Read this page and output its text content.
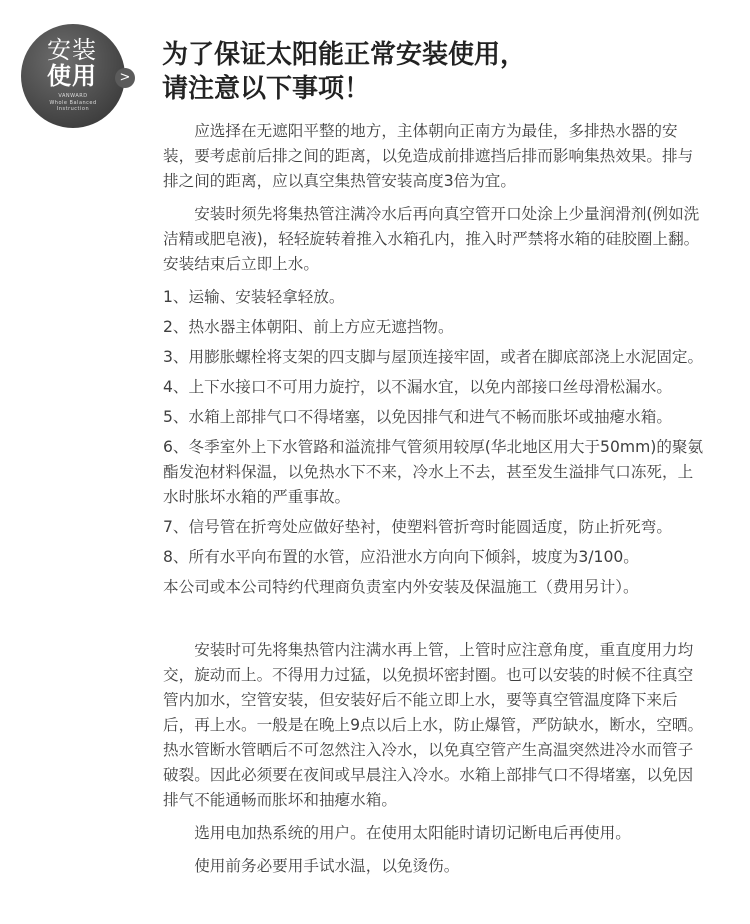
安装
使用
VANWARD
Whole Balanced Instruction
>
为了保证太阳能正常安装使用，
请注意以下事项！

应选择在无遮阳平整的地方，主体朝向正南方为最佳，多排热水器的安装，要考虑前后排之间的距离，以免造成前排遮挡后排而影响集热效果。排与排之间的距离，应以真空集热管安装高度3倍为宜。

安装时须先将集热管注满冷水后再向真空管开口处涂上少量润滑剂(例如洗洁精或肥皂液)，轻轻旋转着推入水箱孔内，推入时严禁将水箱的硅胶圈上翻。安装结束后立即上水。

1、运输、安装轻拿轻放。

2、热水器主体朝阳、前上方应无遮挡物。

3、用膨胀螺栓将支架的四支脚与屋顶连接牢固，或者在脚底部浇上水泥固定。

4、上下水接口不可用力旋拧，以不漏水宜，以免内部接口丝母滑松漏水。

5、水箱上部排气口不得堵塞，以免因排气和进气不畅而胀坏或抽瘪水箱。

6、冬季室外上下水管路和溢流排气管须用较厚(华北地区用大于50mm)的聚氨酯发泡材料保温，以免热水下不来，冷水上不去，甚至发生溢排气口冻死，上水时胀坏水箱的严重事故。

7、信号管在折弯处应做好垫衬，使塑料管折弯时能圆适度，防止折死弯。

8、所有水平向布置的水管，应沿泄水方向向下倾斜，坡度为3/100。

本公司或本公司特约代理商负责室内外安装及保温施工（费用另计）。

安装时可先将集热管内注满水再上管，上管时应注意角度，重直度用力均交，旋动而上。不得用力过猛，以免损坏密封圈。也可以安装的时候不往真空管内加水，空管安装，但安装好后不能立即上水，要等真空管温度降下来后后，再上水。一般是在晚上9点以后上水，防止爆管，严防缺水，断水，空晒。热水管断水管晒后不可忽然注入冷水，以免真空管产生高温突然进冷水而管子破裂。因此必须要在夜间或早晨注入冷水。水箱上部排气口不得堵塞，以免因排气不能通畅而胀坏和抽瘪水箱。

选用电加热系统的用户。在使用太阳能时请切记断电后再使用。

使用前务必要用手试水温，以免烫伤。
